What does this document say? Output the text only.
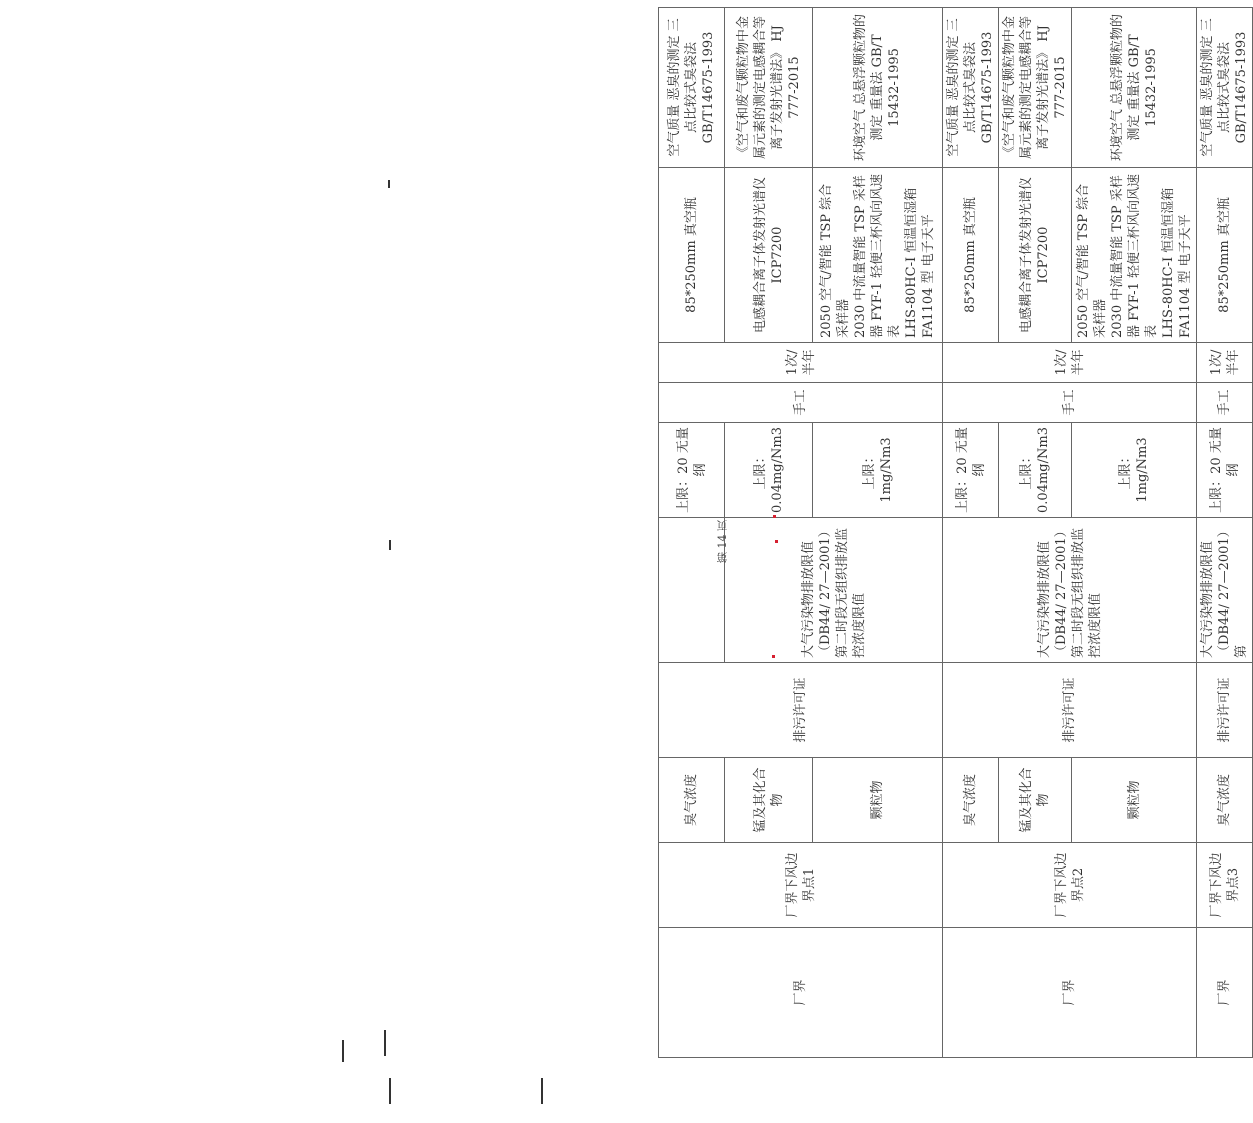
厂界	厂界下风边界点1	臭气浓度	排污许可证		上限：20 无量纲	手工	1次/半年	85*250mm 真空瓶	空气质量 恶臭的测定 三点比较式臭袋法 GB/T14675-1993
		锰及其化合物		大气污染物排放限值（DB44/ 27—2001）第二时段无组织排放监控浓度限值	上限：0.04mg/Nm3			电感耦合离子体发射光谱仪 ICP7200	《空气和废气颗粒物中金属元素的测定电感耦合等离子发射光谱法》 HJ 777-2015
		颗粒物			上限：1mg/Nm3			2050 空气/智能 TSP 综合采样器 2030 中流量智能 TSP 采样器 FYF-1 轻便三杯风向风速表 LHS-80HC-I 恒温恒湿箱 FA1104 型 电子天平	环境空气 总悬浮颗粒物的测定 重量法 GB/T 15432-1995
厂界	厂界下风边界点2	臭气浓度	排污许可证	大气污染物排放限值（DB44/ 27—2001）第二时段无组织排放监控浓度限值	上限：20 无量纲	手工	1次/半年	85*250mm 真空瓶	空气质量 恶臭的测定 三点比较式臭袋法 GB/T14675-1993
		锰及其化合物			上限：0.04mg/Nm3			电感耦合离子体发射光谱仪 ICP7200	《空气和废气颗粒物中金属元素的测定电感耦合等离子发射光谱法》 HJ 777-2015
		颗粒物			上限：1mg/Nm3			2050 空气/智能 TSP 综合采样器 2030 中流量智能 TSP 采样器 FYF-1 轻便三杯风向风速表 LHS-80HC-I 恒温恒湿箱 FA1104 型 电子天平	环境空气 总悬浮颗粒物的测定 重量法 GB/T 15432-1995
厂界	厂界下风边界点3	臭气浓度	排污许可证	大气污染物排放限值（DB44/ 27—2001）第	上限：20 无量纲	手工	1次/半年	85*250mm 真空瓶	空气质量 恶臭的测定 三点比较式臭袋法 GB/T14675-1993
第 14 页
